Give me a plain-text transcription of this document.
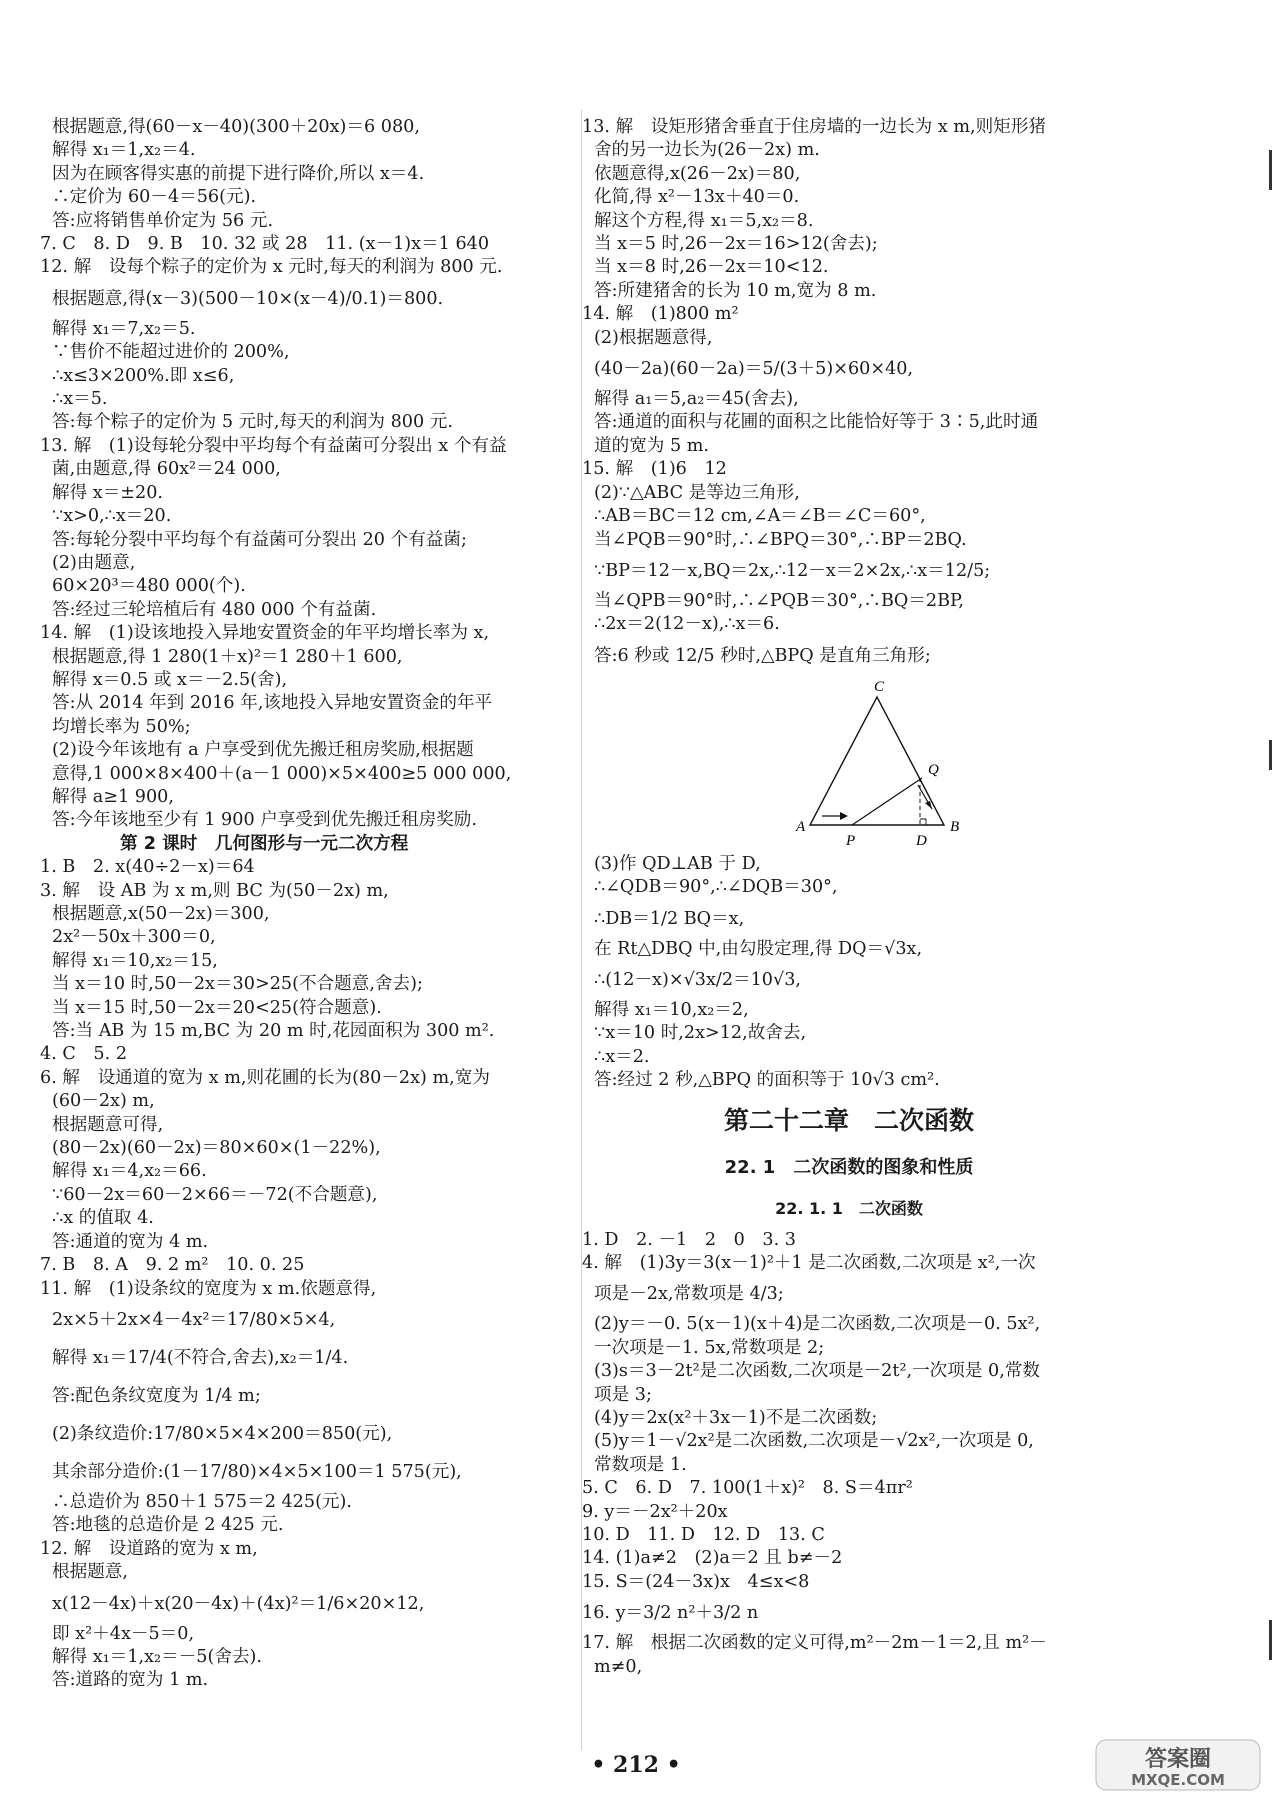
根据题意,得(60－x－40)(300＋20x)＝6 080,
解得 x₁＝1,x₂＝4.
因为在顾客得实惠的前提下进行降价,所以 x＝4.
∴定价为 60－4＝56(元).
答:应将销售单价定为 56 元.
7. C　8. D　9. B　10. 32 或 28　11. (x－1)x＝1 640
12. 解　设每个粽子的定价为 x 元时,每天的利润为 800 元.
根据题意,得(x－3)(500－10×(x－4)/0.1)＝800.
解得 x₁＝7,x₂＝5.
∵售价不能超过进价的 200%,
∴x≤3×200%.即 x≤6,
∴x＝5.
答:每个粽子的定价为 5 元时,每天的利润为 800 元.
13. 解　(1)设每轮分裂中平均每个有益菌可分裂出 x 个有益
菌,由题意,得 60x²＝24 000,
解得 x＝±20.
∵x>0,∴x＝20.
答:每轮分裂中平均每个有益菌可分裂出 20 个有益菌;
(2)由题意,
60×20³＝480 000(个).
答:经过三轮培植后有 480 000 个有益菌.
14. 解　(1)设该地投入异地安置资金的年平均增长率为 x,
根据题意,得 1 280(1＋x)²＝1 280＋1 600,
解得 x＝0.5 或 x＝－2.5(舍),
答:从 2014 年到 2016 年,该地投入异地安置资金的年平
均增长率为 50%;
(2)设今年该地有 a 户享受到优先搬迁租房奖励,根据题
意得,1 000×8×400＋(a－1 000)×5×400≥5 000 000,
解得 a≥1 900,
答:今年该地至少有 1 900 户享受到优先搬迁租房奖励.
第 2 课时　几何图形与一元二次方程
1. B　2. x(40÷2－x)＝64
3. 解　设 AB 为 x m,则 BC 为(50－2x) m,
根据题意,x(50－2x)＝300,
2x²－50x＋300＝0,
解得 x₁＝10,x₂＝15,
当 x＝10 时,50－2x＝30>25(不合题意,舍去);
当 x＝15 时,50－2x＝20<25(符合题意).
答:当 AB 为 15 m,BC 为 20 m 时,花园面积为 300 m².
4. C　5. 2
6. 解　设通道的宽为 x m,则花圃的长为(80－2x) m,宽为
(60－2x) m,
根据题意可得,
(80－2x)(60－2x)＝80×60×(1－22%),
解得 x₁＝4,x₂＝66.
∵60－2x＝60－2×66＝－72(不合题意),
∴x 的值取 4.
答:通道的宽为 4 m.
7. B　8. A　9. 2 m²　10. 0. 25
11. 解　(1)设条纹的宽度为 x m.依题意得,
2x×5＋2x×4－4x²＝17/80×5×4,
解得 x₁＝17/4(不符合,舍去),x₂＝1/4.
答:配色条纹宽度为 1/4 m;
(2)条纹造价:17/80×5×4×200＝850(元),
其余部分造价:(1－17/80)×4×5×100＝1 575(元),
∴总造价为 850＋1 575＝2 425(元).
答:地毯的总造价是 2 425 元.
12. 解　设道路的宽为 x m,
根据题意,
x(12－4x)＋x(20－4x)＋(4x)²＝1/6×20×12,
即 x²＋4x－5＝0,
解得 x₁＝1,x₂＝－5(舍去).
答:道路的宽为 1 m.
13. 解　设矩形猪舍垂直于住房墙的一边长为 x m,则矩形猪
舍的另一边长为(26－2x) m.
依题意得,x(26－2x)＝80,
化简,得 x²－13x＋40＝0.
解这个方程,得 x₁＝5,x₂＝8.
当 x＝5 时,26－2x＝16>12(舍去);
当 x＝8 时,26－2x＝10<12.
答:所建猪舍的长为 10 m,宽为 8 m.
14. 解　(1)800 m²
(2)根据题意得,
(40－2a)(60－2a)＝5/(3＋5)×60×40,
解得 a₁＝5,a₂＝45(舍去),
答:通道的面积与花圃的面积之比能恰好等于 3∶5,此时通
道的宽为 5 m.
15. 解　(1)6　12
(2)∵△ABC 是等边三角形,
∴AB＝BC＝12 cm,∠A＝∠B＝∠C＝60°,
当∠PQB＝90°时,∴∠BPQ＝30°,∴BP＝2BQ.
∵BP＝12－x,BQ＝2x,∴12－x＝2×2x,∴x＝12/5;
当∠QPB＝90°时,∴∠PQB＝30°,∴BQ＝2BP,
∴2x＝2(12－x),∴x＝6.
答:6 秒或 12/5 秒时,△BPQ 是直角三角形;
C
A	B
P	D
Q
(3)作 QD⊥AB 于 D,
∴∠QDB＝90°,∴∠DQB＝30°,
∴DB＝1/2 BQ＝x,
在 Rt△DBQ 中,由勾股定理,得 DQ＝√3x,
∴(12－x)×√3x/2＝10√3,
解得 x₁＝10,x₂＝2,
∵x＝10 时,2x>12,故舍去,
∴x＝2.
答:经过 2 秒,△BPQ 的面积等于 10√3 cm².
第二十二章　二次函数
22. 1　二次函数的图象和性质
22. 1. 1　二次函数
1. D　2. －1　2　0　3. 3
4. 解　(1)3y＝3(x－1)²＋1 是二次函数,二次项是 x²,一次
项是－2x,常数项是 4/3;
(2)y＝－0. 5(x－1)(x＋4)是二次函数,二次项是－0. 5x²,
一次项是－1. 5x,常数项是 2;
(3)s＝3－2t²是二次函数,二次项是－2t²,一次项是 0,常数
项是 3;
(4)y＝2x(x²＋3x－1)不是二次函数;
(5)y＝1－√2x²是二次函数,二次项是－√2x²,一次项是 0,
常数项是 1.
5. C　6. D　7. 100(1＋x)²　8. S＝4πr²
9. y＝－2x²＋20x
10. D　11. D　12. D　13. C
14. (1)a≠2　(2)a＝2 且 b≠－2
15. S＝(24－3x)x　4≤x<8
16. y＝3/2 n²＋3/2 n
17. 解　根据二次函数的定义可得,m²－2m－1＝2,且 m²－
m≠0,
• 212 •	答案圈
MXQE.COM
